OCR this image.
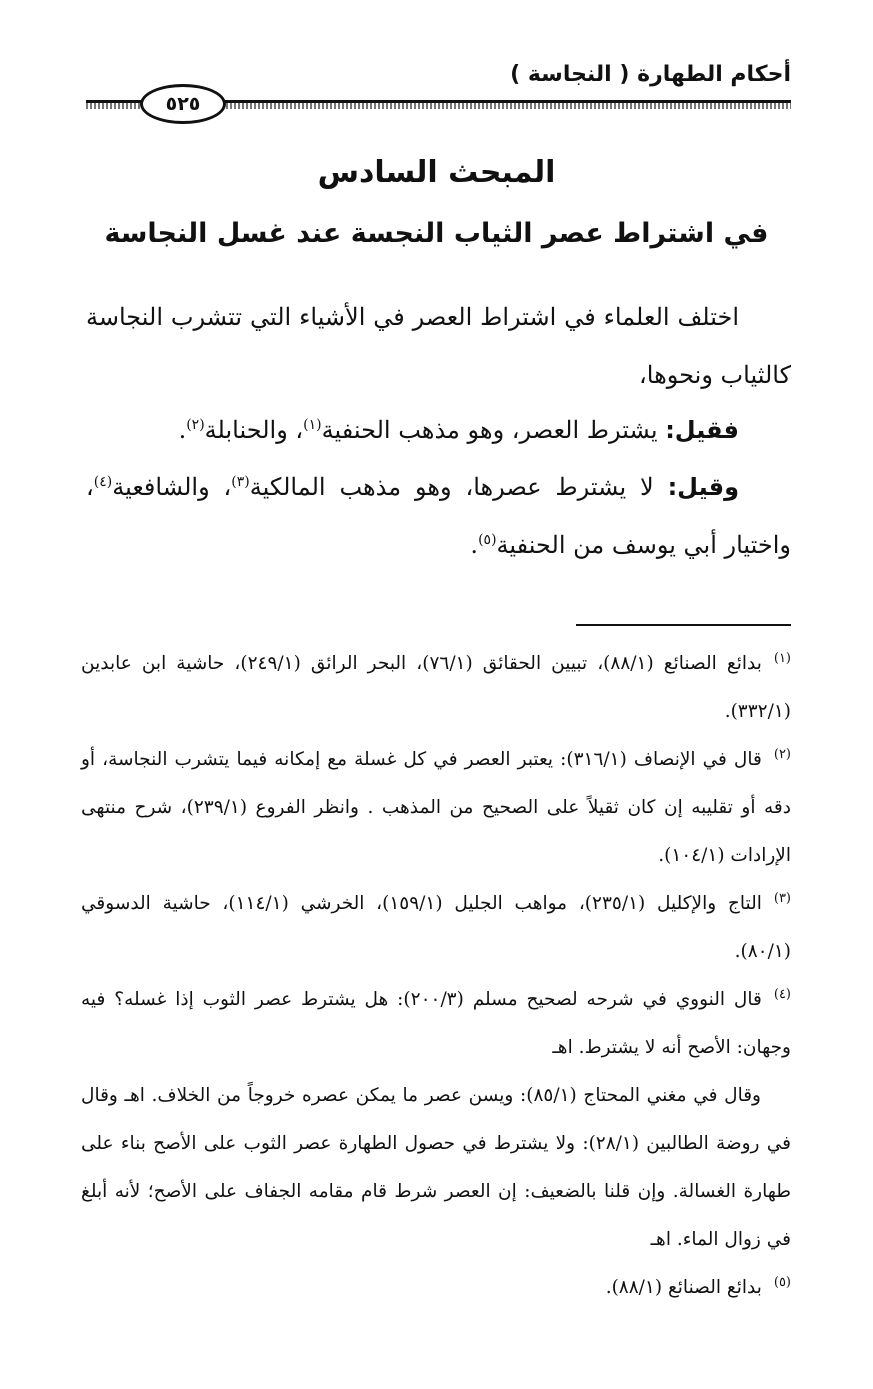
أحكام الطهارة ( النجاسة )
٥٢٥
المبحث السادس
في اشتراط عصر الثياب النجسة عند غسل النجاسة
اختلف العلماء في اشتراط العصر في الأشياء التي تتشرب النجاسة كالثياب ونحوها،
فقيل: يشترط العصر، وهو مذهب الحنفية$^{(١)}$، والحنابلة$^{(٢)}$.
وقيل: لا يشترط عصرها، وهو مذهب المالكية$^{(٣)}$، والشافعية$^{(٤)}$، واختيار أبي يوسف من الحنفية$^{(٥)}$.

$^{(١)}$بدائع الصنائع (٨٨/١)، تبيين الحقائق (٧٦/١)، البحر الرائق (٢٤٩/١)، حاشية ابن عابدين (٣٣٢/١).

$^{(٢)}$قال في الإنصاف (٣١٦/١): يعتبر العصر في كل غسلة مع إمكانه فيما يتشرب النجاسة، أو دقه أو تقليبه إن كان ثقيلاً على الصحيح من المذهب . وانظر الفروع (٢٣٩/١)، شرح منتهى الإرادات (١٠٤/١).

$^{(٣)}$التاج والإكليل (٢٣٥/١)، مواهب الجليل (١٥٩/١)، الخرشي (١١٤/١)، حاشية الدسوقي (٨٠/١).

$^{(٤)}$قال النووي في شرحه لصحيح مسلم (٢٠٠/٣): هل يشترط عصر الثوب إذا غسله؟ فيه وجهان: الأصح أنه لا يشترط. اهـ

وقال في مغني المحتاج (٨٥/١): ويسن عصر ما يمكن عصره خروجاً من الخلاف. اهـ وقال في روضة الطالبين (٢٨/١): ولا يشترط في حصول الطهارة عصر الثوب على الأصح بناء على طهارة الغسالة. وإن قلنا بالضعيف: إن العصر شرط قام مقامه الجفاف على الأصح؛ لأنه أبلغ في زوال الماء. اهـ

$^{(٥)}$بدائع الصنائع (٨٨/١).
